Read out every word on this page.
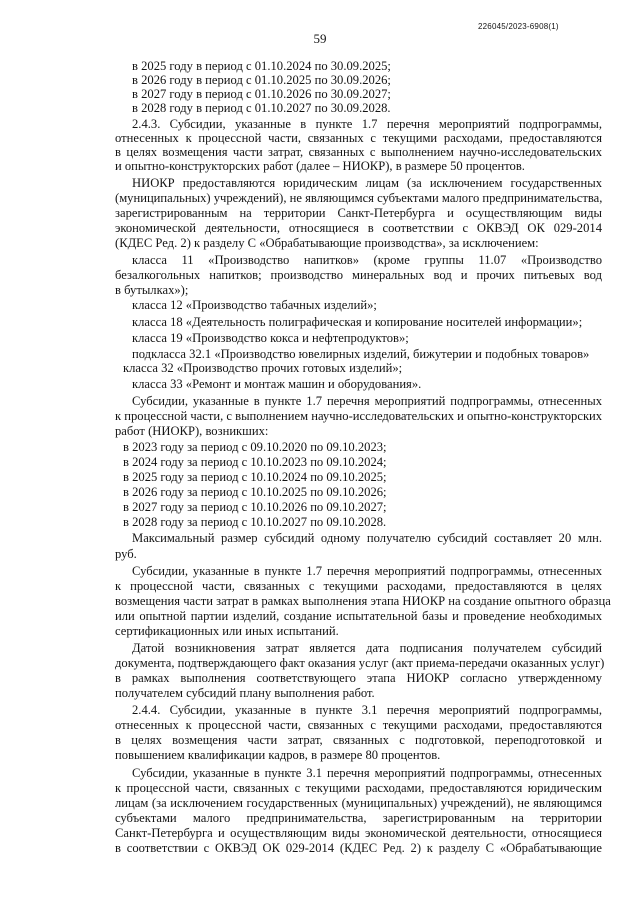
59
226045/2023-6908(1)
в 2025 году в период с 01.10.2024 по 30.09.2025;
в 2026 году в период с 01.10.2025 по 30.09.2026;
в 2027 году в период с 01.10.2026 по 30.09.2027;
в 2028 году в период с 01.10.2027 по 30.09.2028.
2.4.3. Субсидии, указанные в пункте 1.7 перечня мероприятий подпрограммы,
отнесенных к процессной части, связанных с текущими расходами, предоставляются
в целях возмещения части затрат, связанных с выполнением научно-исследовательских
и опытно-конструкторских работ (далее – НИОКР), в размере 50 процентов.
НИОКР предоставляются юридическим лицам (за исключением государственных
(муниципальных) учреждений), не являющимся субъектами малого предпринимательства,
зарегистрированным на территории Санкт-Петербурга и осуществляющим виды
экономической деятельности, относящиеся в соответствии с ОКВЭД ОК 029-2014
(КДЕС Ред. 2) к разделу С «Обрабатывающие производства», за исключением:
класса 11 «Производство напитков» (кроме группы 11.07 «Производство
безалкогольных напитков; производство минеральных вод и прочих питьевых вод
в бутылках»);
класса 12 «Производство табачных изделий»;
класса 18 «Деятельность полиграфическая и копирование носителей информации»;
класса 19 «Производство кокса и нефтепродуктов»;
подкласса 32.1 «Производство ювелирных изделий, бижутерии и подобных товаров»
класса 32 «Производство прочих готовых изделий»;
класса 33 «Ремонт и монтаж машин и оборудования».
Субсидии, указанные в пункте 1.7 перечня мероприятий подпрограммы, отнесенных
к процессной части, с выполнением научно-исследовательских и опытно-конструкторских
работ (НИОКР), возникших:
в 2023 году за период с 09.10.2020 по 09.10.2023;
в 2024 году за период с 10.10.2023 по 09.10.2024;
в 2025 году за период с 10.10.2024 по 09.10.2025;
в 2026 году за период с 10.10.2025 по 09.10.2026;
в 2027 году за период с 10.10.2026 по 09.10.2027;
в 2028 году за период с 10.10.2027 по 09.10.2028.
Максимальный размер субсидий одному получателю субсидий составляет 20 млн.
руб.
Субсидии, указанные в пункте 1.7 перечня мероприятий подпрограммы, отнесенных
к процессной части, связанных с текущими расходами, предоставляются в целях
возмещения части затрат в рамках выполнения этапа НИОКР на создание опытного образца
или опытной партии изделий, создание испытательной базы и проведение необходимых
сертификационных или иных испытаний.
Датой возникновения затрат является дата подписания получателем субсидий
документа, подтверждающего факт оказания услуг (акт приема-передачи оказанных услуг)
в рамках выполнения соответствующего этапа НИОКР согласно утвержденному
получателем субсидий плану выполнения работ.
2.4.4. Субсидии, указанные в пункте 3.1 перечня мероприятий подпрограммы,
отнесенных к процессной части, связанных с текущими расходами, предоставляются
в целях возмещения части затрат, связанных с подготовкой, переподготовкой и
повышением квалификации кадров, в размере 80 процентов.
Субсидии, указанные в пункте 3.1 перечня мероприятий подпрограммы, отнесенных
к процессной части, связанных с текущими расходами, предоставляются юридическим
лицам (за исключением государственных (муниципальных) учреждений), не являющимся
субъектами малого предпринимательства, зарегистрированным на территории
Санкт-Петербурга и осуществляющим виды экономической деятельности, относящиеся
в соответствии с ОКВЭД ОК 029-2014 (КДЕС Ред. 2) к разделу С «Обрабатывающие
